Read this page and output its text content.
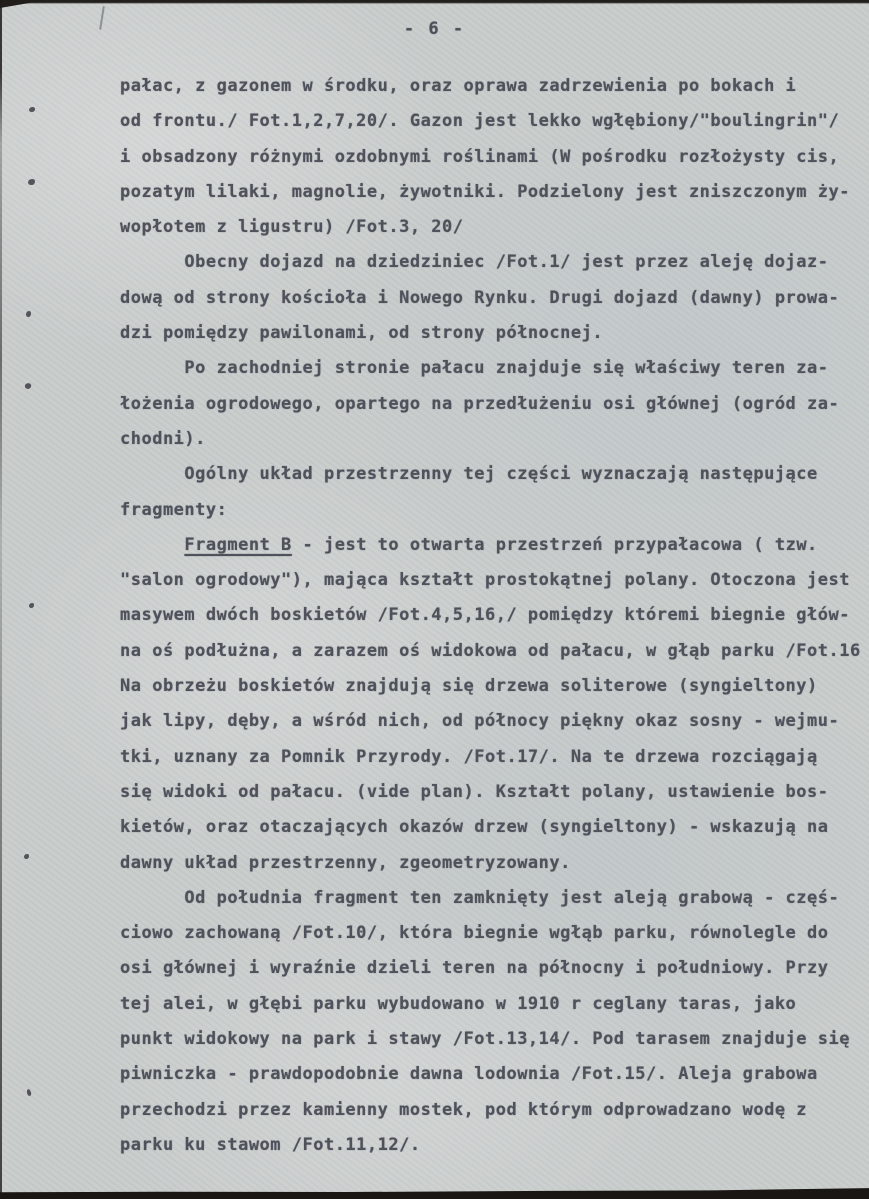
- 6 -
pałac, z gazonem w środku, oraz oprawa zadrzewienia po bokach i
od frontu./ Fot.1,2,7,20/. Gazon jest lekko wgłębiony/"boulingrin"/
i obsadzony różnymi ozdobnymi roślinami (W pośrodku rozłożysty cis,
pozatym lilaki, magnolie, żywotniki. Podzielony jest zniszczonym ży-
wopłotem z ligustru) /Fot.3, 20/
Obecny dojazd na dziedziniec /Fot.1/ jest przez aleję dojaz-
dową od strony kościoła i Nowego Rynku. Drugi dojazd (dawny) prowa-
dzi pomiędzy pawilonami, od strony północnej.
Po zachodniej stronie pałacu znajduje się właściwy teren za-
łożenia ogrodowego, opartego na przedłużeniu osi głównej (ogród za-
chodni).
Ogólny układ przestrzenny tej części wyznaczają następujące
fragmenty:
Fragment B - jest to otwarta przestrzeń przypałacowa ( tzw.
"salon ogrodowy"), mająca kształt prostokątnej polany. Otoczona jest
masywem dwóch boskietów /Fot.4,5,16,/ pomiędzy któremi biegnie głów-
na oś podłużna, a zarazem oś widokowa od pałacu, w głąb parku /Fot.16
Na obrzeżu boskietów znajdują się drzewa soliterowe (syngieltony)
jak lipy, dęby, a wśród nich, od północy piękny okaz sosny - wejmu-
tki, uznany za Pomnik Przyrody. /Fot.17/. Na te drzewa rozciągają
się widoki od pałacu. (vide plan). Kształt polany, ustawienie bos-
kietów, oraz otaczających okazów drzew (syngieltony) - wskazują na
dawny układ przestrzenny, zgeometryzowany.
Od południa fragment ten zamknięty jest aleją grabową - częś-
ciowo zachowaną /Fot.10/, która biegnie wgłąb parku, równolegle do
osi głównej i wyraźnie dzieli teren na północny i południowy. Przy
tej alei, w głębi parku wybudowano w 1910 r ceglany taras, jako
punkt widokowy na park i stawy /Fot.13,14/. Pod tarasem znajduje się
piwniczka - prawdopodobnie dawna lodownia /Fot.15/. Aleja grabowa
przechodzi przez kamienny mostek, pod którym odprowadzano wodę z
parku ku stawom /Fot.11,12/.
